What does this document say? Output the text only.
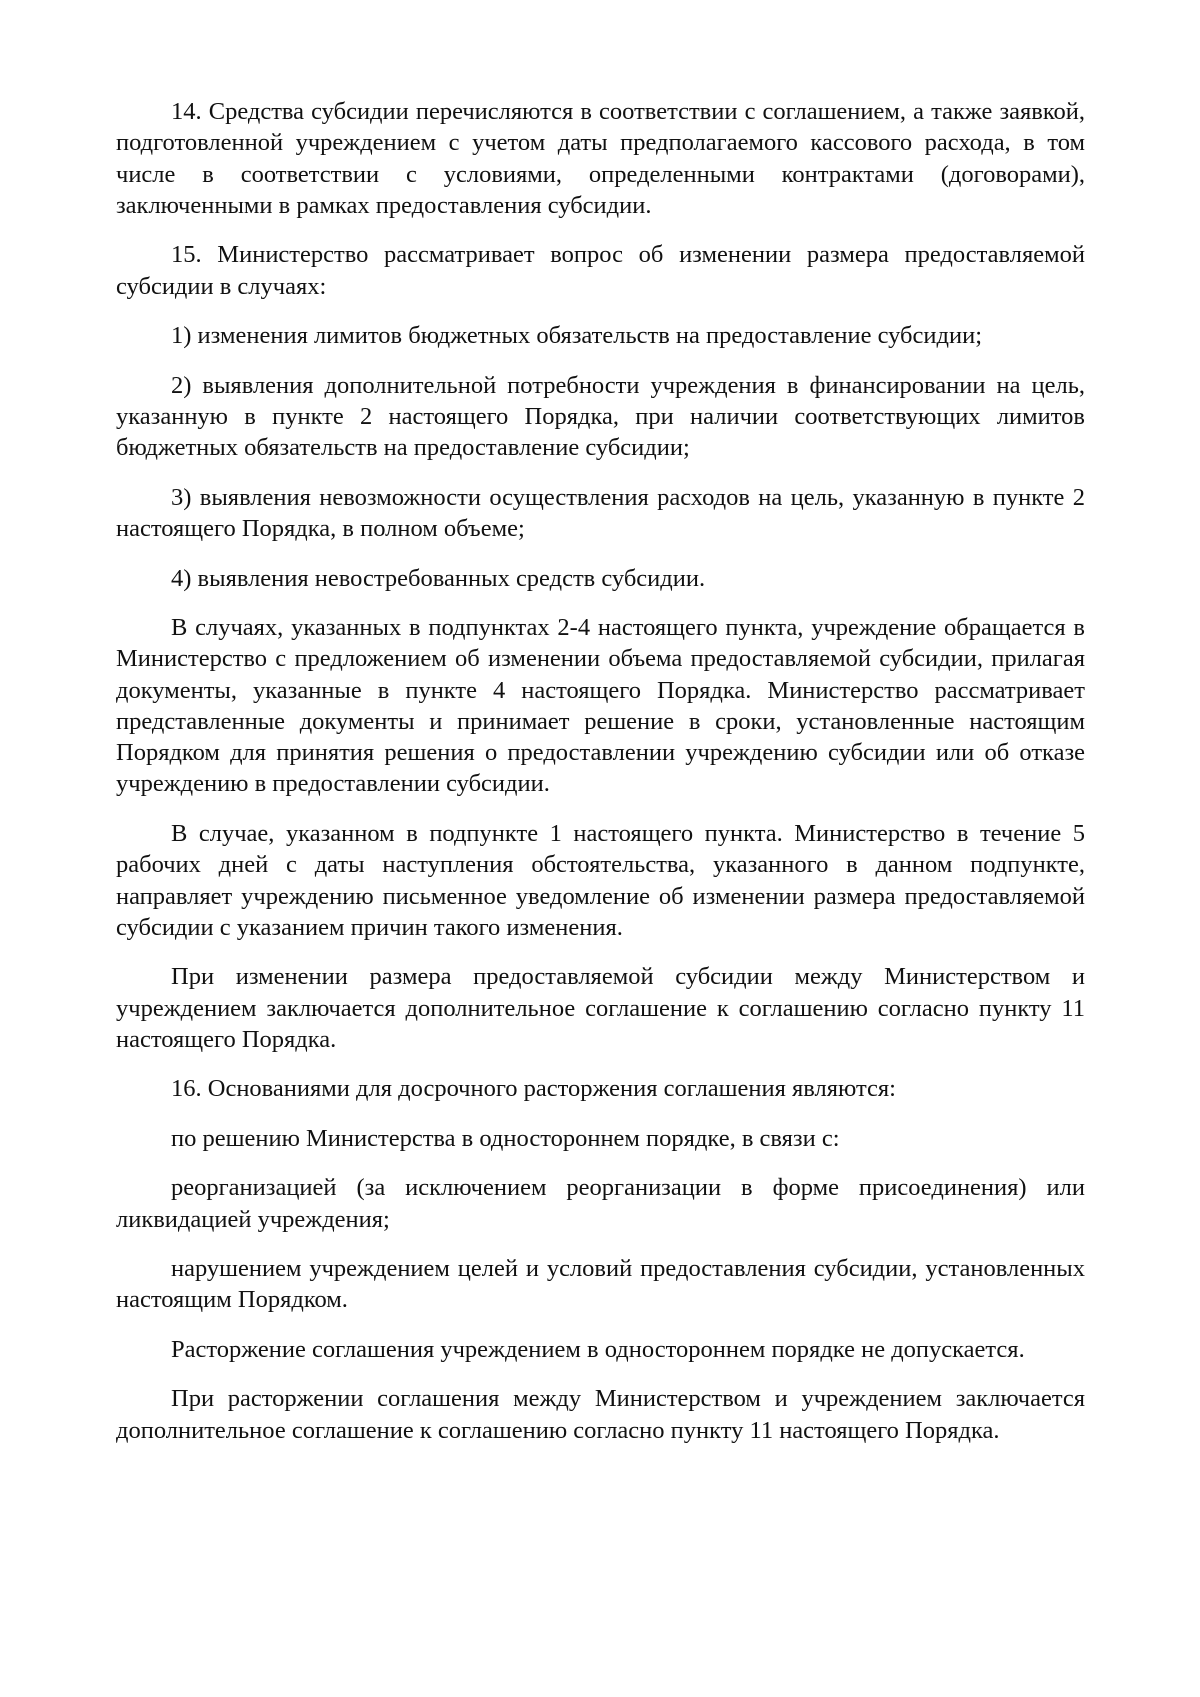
14. Средства субсидии перечисляются в соответствии с соглашением, а также заявкой, подготовленной учреждением с учетом даты предполагаемого кассового расхода, в том числе в соответствии с условиями, определенными контрактами (договорами), заключенными в рамках предоставления субсидии.

15. Министерство рассматривает вопрос об изменении размера предоставляемой субсидии в случаях:

1) изменения лимитов бюджетных обязательств на предоставление субсидии;

2) выявления дополнительной потребности учреждения в финансировании на цель, указанную в пункте 2 настоящего Порядка, при наличии соответствующих лимитов бюджетных обязательств на предоставление субсидии;

3) выявления невозможности осуществления расходов на цель, указанную в пункте 2 настоящего Порядка, в полном объеме;

4) выявления невостребованных средств субсидии.

В случаях, указанных в подпунктах 2-4 настоящего пункта, учреждение обращается в Министерство с предложением об изменении объема предоставляемой субсидии, прилагая документы, указанные в пункте 4 настоящего Порядка. Министерство рассматривает представленные документы и принимает решение в сроки, установленные настоящим Порядком для принятия решения о предоставлении учреждению субсидии или об отказе учреждению в предоставлении субсидии.

В случае, указанном в подпункте 1 настоящего пункта. Министерство в течение 5 рабочих дней с даты наступления обстоятельства, указанного в данном подпункте, направляет учреждению письменное уведомление об изменении размера предоставляемой субсидии с указанием причин такого изменения.

При изменении размера предоставляемой субсидии между Министерством и учреждением заключается дополнительное соглашение к соглашению согласно пункту 11 настоящего Порядка.

16. Основаниями для досрочного расторжения соглашения являются:

по решению Министерства в одностороннем порядке, в связи с:

реорганизацией (за исключением реорганизации в форме присоединения) или ликвидацией учреждения;

нарушением учреждением целей и условий предоставления субсидии, установленных настоящим Порядком.

Расторжение соглашения учреждением в одностороннем порядке не допускается.

При расторжении соглашения между Министерством и учреждением заключается дополнительное соглашение к соглашению согласно пункту 11 настоящего Порядка.
